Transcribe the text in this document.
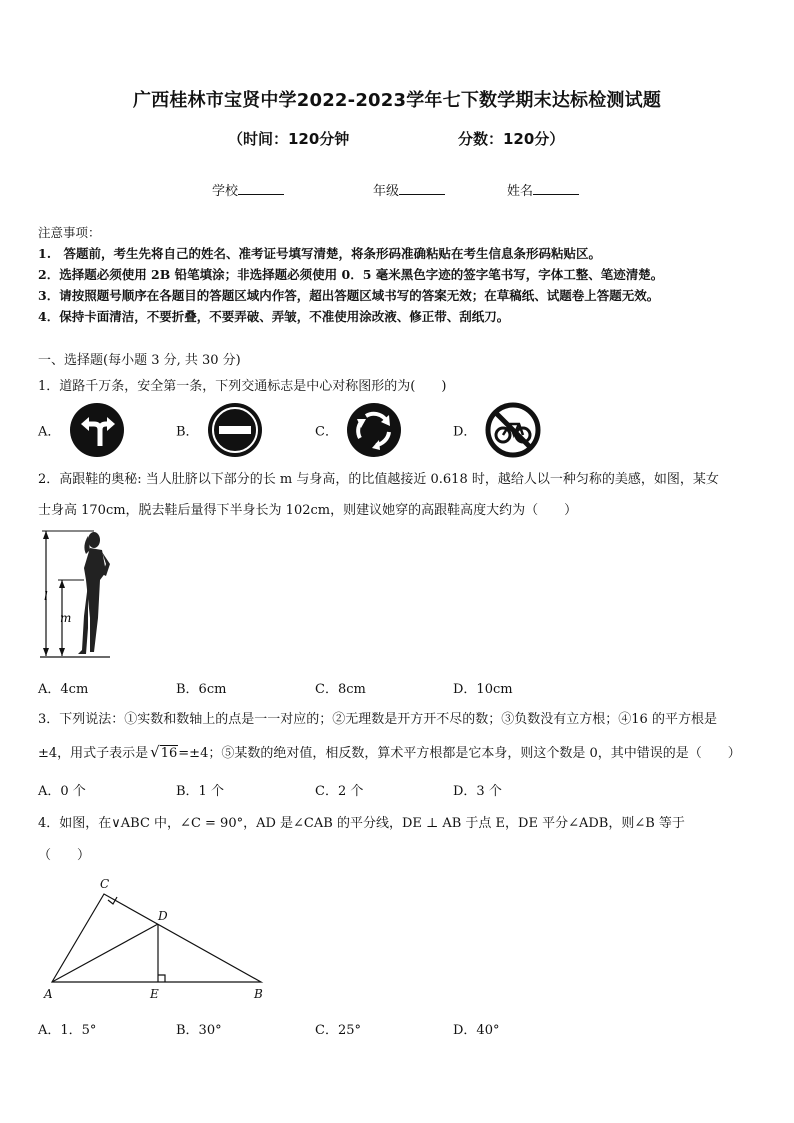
广西桂林市宝贤中学2022-2023学年七下数学期末达标检测试题
（时间：120分钟	分数：120分）
学校	年级	姓名
注意事项：
1.　答题前，考生先将自己的姓名、准考证号填写清楚，将条形码准确粘贴在考生信息条形码粘贴区。
2．选择题必须使用 2B 铅笔填涂；非选择题必须使用 0．5 毫米黑色字迹的签字笔书写，字体工整、笔迹清楚。
3．请按照题号顺序在各题目的答题区域内作答，超出答题区域书写的答案无效；在草稿纸、试题卷上答题无效。
4．保持卡面清洁，不要折叠，不要弄破、弄皱，不准使用涂改液、修正带、刮纸刀。
一、选择题(每小题 3 分, 共 30 分)
1．道路千万条，安全第一条，下列交通标志是中心对称图形的为(　　)
A．	B．	C．	D．
2．高跟鞋的奥秘: 当人肚脐以下部分的长 m 与身高，的比值越接近 0.618 时，越给人以一种匀称的美感，如图，某女
士身高 170cm，脱去鞋后量得下半身长为 102cm，则建议她穿的高跟鞋高度大约为（　　）
l
m
A．4cm	B．6cm	C．8cm	D．10cm
3．下列说法：①实数和数轴上的点是一一对应的；②无理数是开方开不尽的数；③负数没有立方根；④16 的平方根是
±4，用式子表示是 √16=±4；⑤某数的绝对值，相反数，算术平方根都是它本身，则这个数是 0，其中错误的是（　　）
A．0 个	B．1 个	C．2 个	D．3 个
4．如图，在∨ABC 中，∠C = 90°，AD 是∠CAB 的平分线，DE ⊥ AB 于点 E，DE 平分∠ADB，则∠B 等于
（　　）
C
D
A	E	B
A．1．5°	B．30°	C．25°	D．40°
